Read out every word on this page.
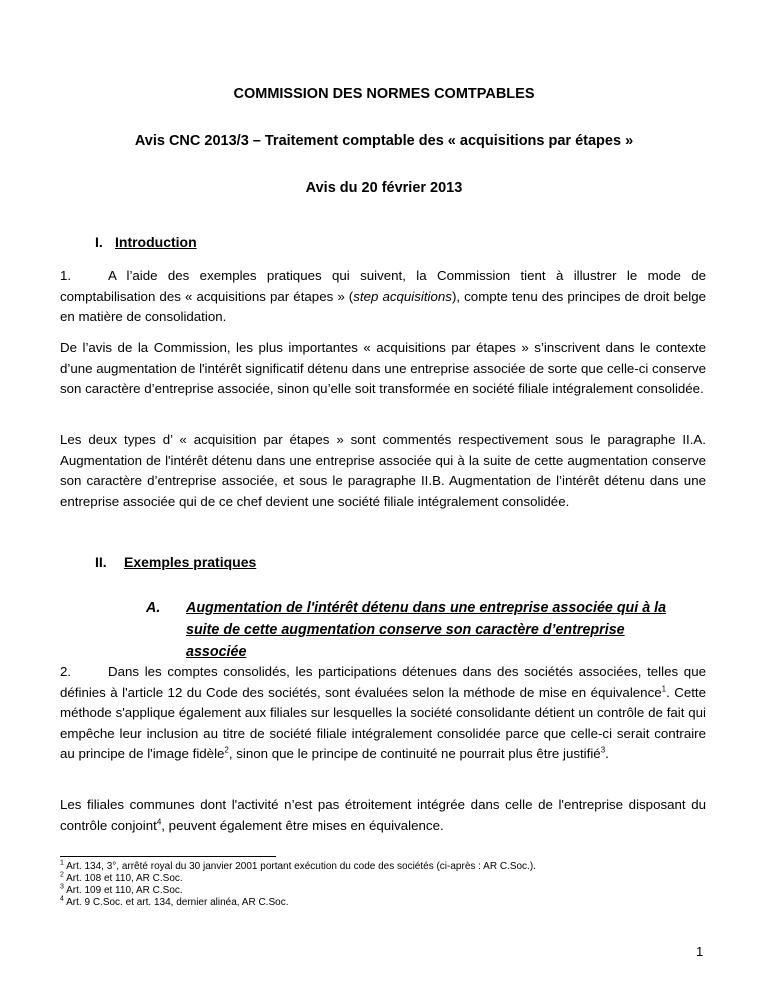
COMMISSION DES NORMES COMTPABLES
Avis CNC 2013/3 – Traitement comptable des « acquisitions par étapes »
Avis du 20 février 2013
I. Introduction

1.	A l’aide des exemples pratiques qui suivent, la Commission tient à illustrer le mode de comptabilisation des « acquisitions par étapes » (step acquisitions), compte tenu des principes de droit belge en matière de consolidation.

De l’avis de la Commission, les plus importantes « acquisitions par étapes » s’inscrivent dans le contexte d’une augmentation de l'intérêt significatif détenu dans une entreprise associée de sorte que celle-ci conserve son caractère d’entreprise associée, sinon qu’elle soit transformée en société filiale intégralement consolidée.

Les deux types d’ « acquisition par étapes » sont commentés respectivement sous le paragraphe II.A. Augmentation de l'intérêt détenu dans une entreprise associée qui à la suite de cette augmentation conserve son caractère d’entreprise associée, et sous le paragraphe II.B. Augmentation de l’intérêt détenu dans une entreprise associée qui de ce chef devient une société filiale intégralement consolidée.

II. Exemples pratiques
A. Augmentation de l'intérêt détenu dans une entreprise associée qui à la suite de cette augmentation conserve son caractère d’entreprise associée

2.	Dans les comptes consolidés, les participations détenues dans des sociétés associées, telles que définies à l'article 12 du Code des sociétés, sont évaluées selon la méthode de mise en équivalence$^1$. Cette méthode s'applique également aux filiales sur lesquelles la société consolidante détient un contrôle de fait qui empêche leur inclusion au titre de société filiale intégralement consolidée parce que celle-ci serait contraire au principe de l'image fidèle$^2$, sinon que le principe de continuité ne pourrait plus être justifié$^3$.

Les filiales communes dont l'activité n’est pas étroitement intégrée dans celle de l'entreprise disposant du contrôle conjoint$^4$, peuvent également être mises en équivalence.

$^1$ Art. 134, 3°, arrêté royal du 30 janvier 2001 portant exécution du code des sociétés (ci-après : AR C.Soc.).
$^2$ Art. 108 et 110, AR C.Soc.
$^3$ Art. 109 et 110, AR C.Soc.
$^4$ Art. 9 C.Soc. et art. 134, dernier alinéa, AR C.Soc.
1
